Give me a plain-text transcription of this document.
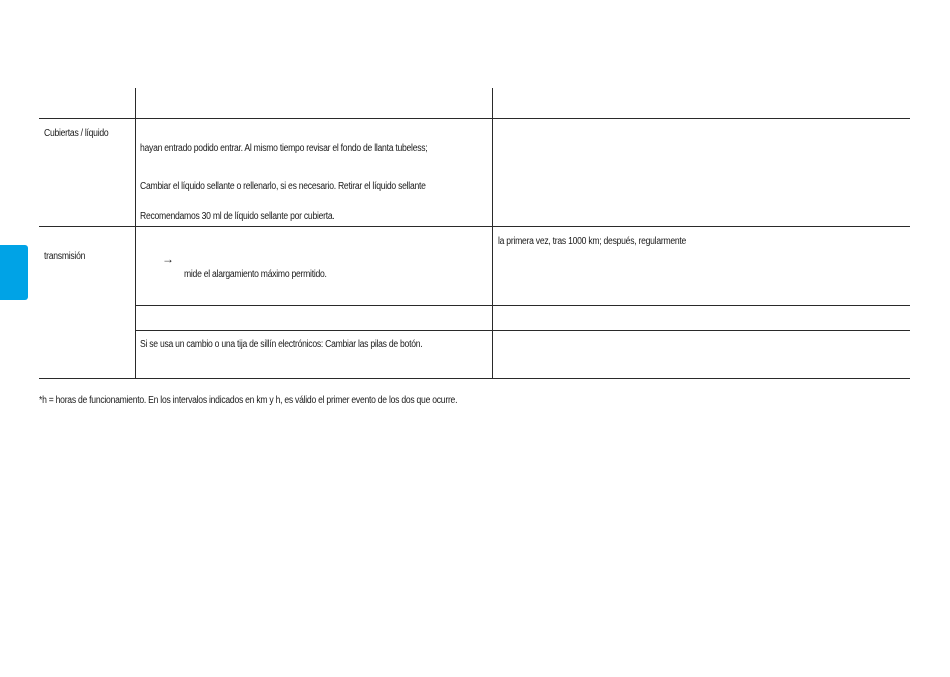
Cubiertas / líquido
hayan entrado podido entrar. Al mismo tiempo revisar el fondo de llanta tubeless;
Cambiar el líquido sellante o rellenarlo, si es necesario. Retirar el líquido sellante
Recomendamos 30 ml de líquido sellante por cubierta.
transmisión	→
mide el alargamiento máximo permitido.
la primera vez, tras 1000 km; después, regularmente
Si se usa un cambio o una tija de sillín electrónicos: Cambiar las pilas de botón.
*h = horas de funcionamiento. En los intervalos indicados en km y h, es válido el primer evento de los dos que ocurre.
